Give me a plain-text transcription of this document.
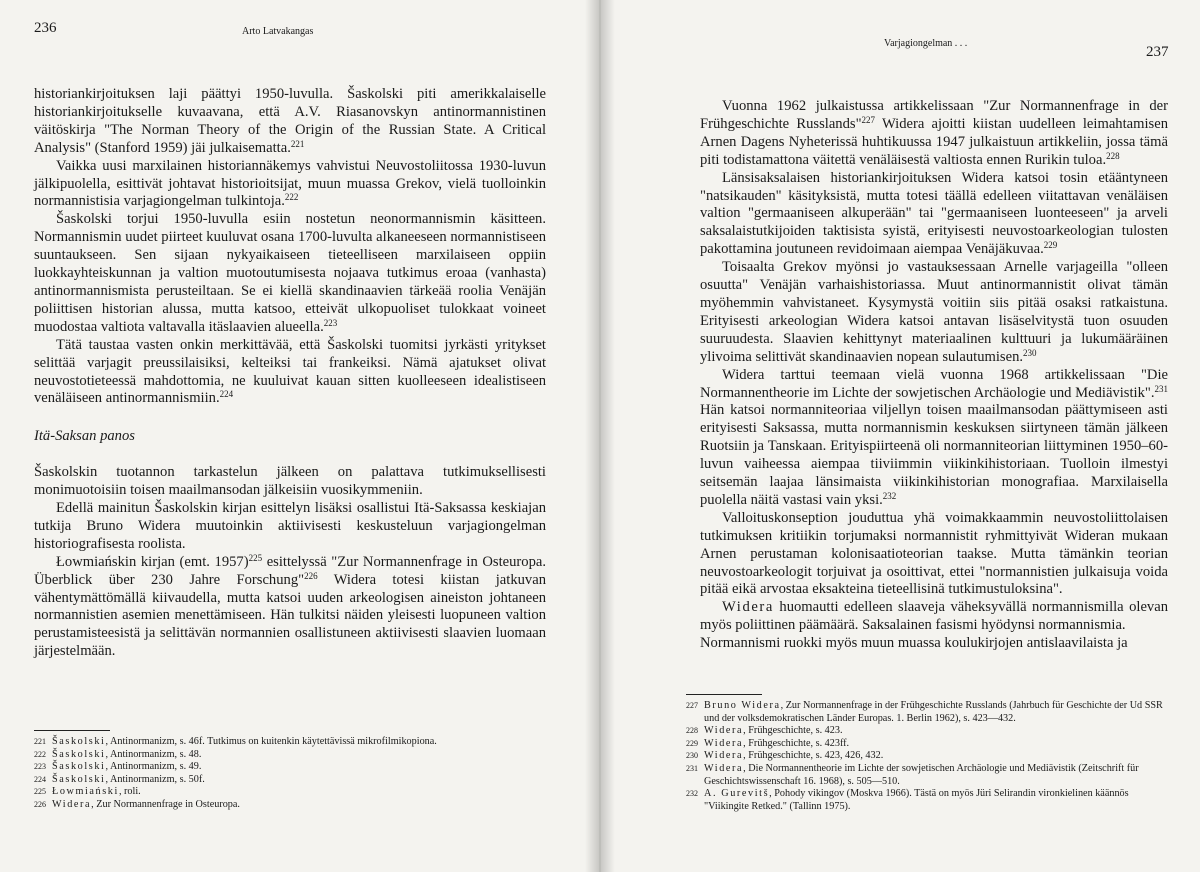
236	Arto Latvakangas

historiankirjoituksen laji päättyi 1950-luvulla. Šaskolski piti amerikkalaiselle historiankirjoitukselle kuvaavana, että A.V. Riasanovskyn antinormannistinen väitöskirja "The Norman Theory of the Origin of the Russian State. A Critical Analysis" (Stanford 1959) jäi julkaisematta.$^{221}$

Vaikka uusi marxilainen historiannäkemys vahvistui Neuvostoliitossa 1930-luvun jälkipuolella, esittivät johtavat historioitsijat, muun muassa Grekov, vielä tuolloinkin normannistisia varjagiongelman tulkintoja.$^{222}$

Šaskolski torjui 1950-luvulla esiin nostetun neonormannismin käsitteen. Normannismin uudet piirteet kuuluvat osana 1700-luvulta alkaneeseen normannistiseen suuntaukseen. Sen sijaan nykyaikaiseen tieteelliseen marxilaiseen oppiin luokkayhteiskunnan ja valtion muotoutumisesta nojaava tutkimus eroaa (vanhasta) antinormannismista perusteiltaan. Se ei kiellä skandinaavien tärkeää roolia Venäjän poliittisen historian alussa, mutta katsoo, etteivät ulkopuoliset tulokkaat voineet muodostaa valtiota valtavalla itäslaavien alueella.$^{223}$

Tätä taustaa vasten onkin merkittävää, että Šaskolski tuomitsi jyrkästi yritykset selittää varjagit preussilaisiksi, kelteiksi tai frankeiksi. Nämä ajatukset olivat neuvostotieteessä mahdottomia, ne kuuluivat kauan sitten kuolleeseen idealistiseen venäläiseen antinormannismiin.$^{224}$

Itä-Saksan panos

Šaskolskin tuotannon tarkastelun jälkeen on palattava tutkimuksellisesti monimuotoisiin toisen maailmansodan jälkeisiin vuosikymmeniin.

Edellä mainitun Šaskolskin kirjan esittelyn lisäksi osallistui Itä-Saksassa keskiajan tutkija Bruno Widera muutoinkin aktiivisesti keskusteluun varjagiongelman historiografisesta roolista.

Łowmiańskin kirjan (emt. 1957)$^{225}$ esittelyssä "Zur Normannenfrage in Osteuropa. Überblick über 230 Jahre Forschung"$^{226}$ Widera totesi kiistan jatkuvan vähentymättömällä kiivaudella, mutta katsoi uuden arkeologisen aineiston johtaneen normannistien asemien menettämiseen. Hän tulkitsi näiden yleisesti luopuneen valtion perustamisteesistä ja selittävän normannien osallistuneen aktiivisesti slaavien luomaan järjestelmään.

221 Šaskolski, Antinormanizm, s. 46f. Tutkimus on kuitenkin käytettävissä mikrofilmikopiona.
222 Šaskolski, Antinormanizm, s. 48.
223 Šaskolski, Antinormanizm, s. 49.
224 Šaskolski, Antinormanizm, s. 50f.
225 Łowmiański, roli.
226 Widera, Zur Normannenfrage in Osteuropa.
Varjagiongelman . . .
237

Vuonna 1962 julkaistussa artikkelissaan "Zur Normannenfrage in der Frühgeschichte Russlands"$^{227}$ Widera ajoitti kiistan uudelleen leimahtamisen Arnen Dagens Nyheterissä huhtikuussa 1947 julkaistuun artikkeliin, jossa tämä piti todistamattona väitettä venäläisestä valtiosta ennen Rurikin tuloa.$^{228}$

Länsisaksalaisen historiankirjoituksen Widera katsoi tosin etääntyneen "natsikauden" käsityksistä, mutta totesi täällä edelleen viitattavan venäläisen valtion "germaaniseen alkuperään" tai "germaaniseen luonteeseen" ja arveli saksalaistutkijoiden taktisista syistä, erityisesti neuvostoarkeologian tulosten pakottamina joutuneen revidoimaan aiempaa Venäjäkuvaa.$^{229}$

Toisaalta Grekov myönsi jo vastauksessaan Arnelle varjageilla "olleen osuutta" Venäjän varhaishistoriassa. Muut antinormannistit olivat tämän myöhemmin vahvistaneet. Kysymystä voitiin siis pitää osaksi ratkaistuna. Erityisesti arkeologian Widera katsoi antavan lisäselvitystä tuon osuuden suuruudesta. Slaavien kehittynyt materiaalinen kulttuuri ja lukumääräinen ylivoima selittivät skandinaavien nopean sulautumisen.$^{230}$

Widera tarttui teemaan vielä vuonna 1968 artikkelissaan "Die Normannentheorie im Lichte der sowjetischen Archäologie und Mediävistik".$^{231}$ Hän katsoi normanniteoriaa viljellyn toisen maailmansodan päättymiseen asti erityisesti Saksassa, mutta normannismin keskuksen siirtyneen tämän jälkeen Ruotsiin ja Tanskaan. Erityispiirteenä oli normanniteorian liittyminen 1950–60-luvun vaiheessa aiempaa tiiviimmin viikinkihistoriaan. Tuolloin ilmestyi seitsemän laajaa länsimaista viikinkihistorian monografiaa. Marxilaisella puolella näitä vastasi vain yksi.$^{232}$

Valloituskonseption jouduttua yhä voimakkaammin neuvostoliittolaisen tutkimuksen kritiikin torjumaksi normannistit ryhmittyivät Wideran mukaan Arnen perustaman kolonisaatioteorian taakse. Mutta tämänkin teorian neuvostoarkeologit torjuivat ja osoittivat, ettei "normannistien julkaisuja voida pitää eikä arvostaa eksakteina tieteellisinä tutkimustuloksina".

Widera huomautti edelleen slaaveja väheksyvällä normannismilla olevan myös poliittinen päämäärä. Saksalainen fasismi hyödynsi normannismia.

Normannismi ruokki myös muun muassa koulukirjojen antislaavilaista ja

227 Bruno Widera, Zur Normannenfrage in der Frühgeschichte Russlands (Jahrbuch für Geschichte der Ud SSR und der volksdemokratischen Länder Europas. 1. Berlin 1962), s. 423—432.
228 Widera, Frühgeschichte, s. 423.
229 Widera, Frühgeschichte, s. 423ff.
230 Widera, Frühgeschichte, s. 423, 426, 432.
231 Widera, Die Normannentheorie im Lichte der sowjetischen Archäologie und Mediävistik (Zeitschrift für Geschichtswissenschaft 16. 1968), s. 505—510.
232 A. Gurevitš, Pohody vikingov (Moskva 1966). Tästä on myös Jüri Selirandin vironkielinen käännös "Viikingite Retked." (Tallinn 1975).
